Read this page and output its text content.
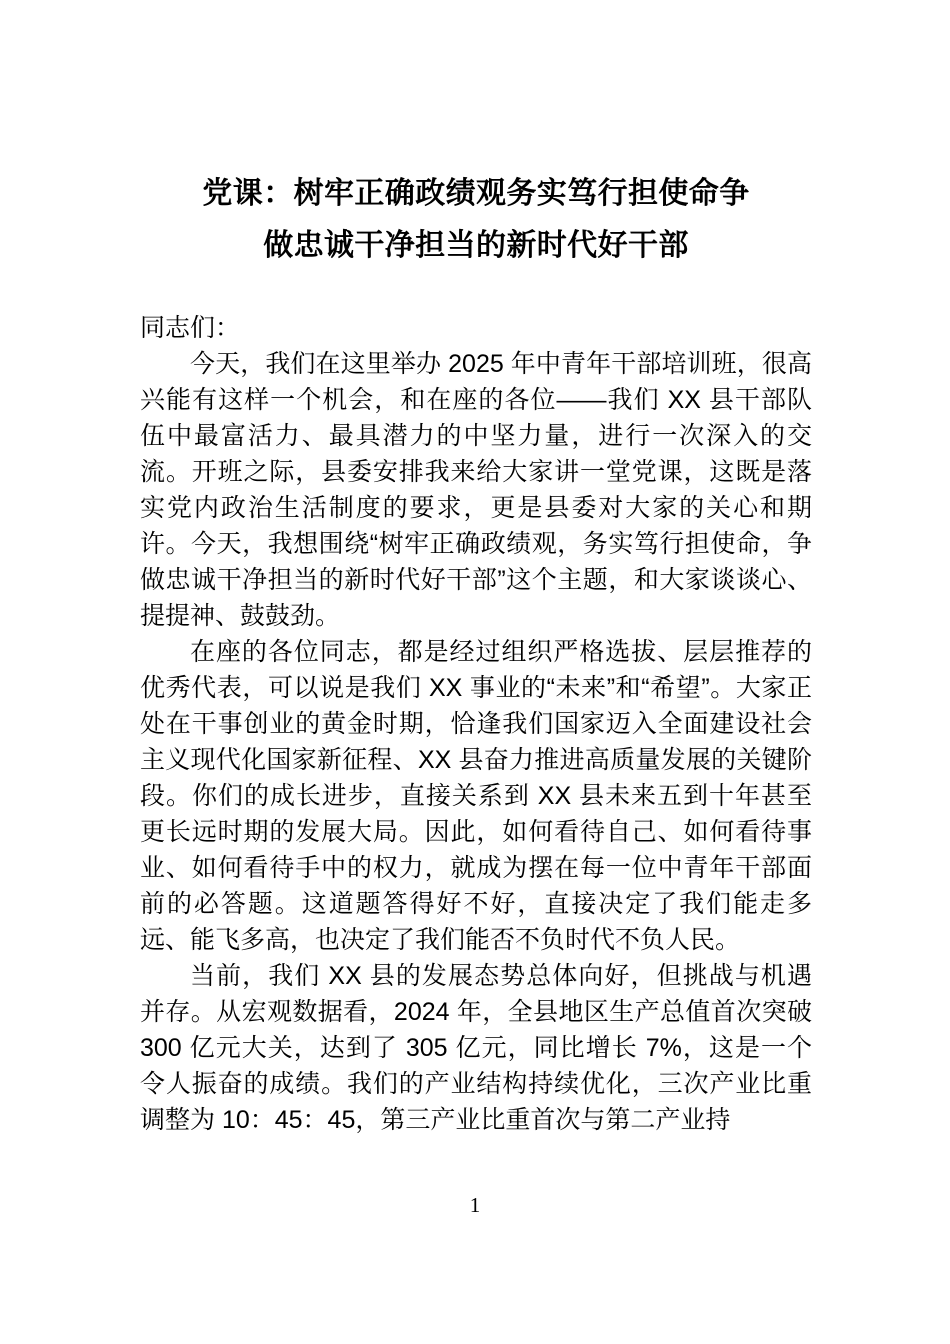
党课：树牢正确政绩观务实笃行担使命争
做忠诚干净担当的新时代好干部

同志们：

今天，我们在这里举办 2025 年中青年干部培训班，很高兴能有这样一个机会，和在座的各位——我们 XX 县干部队伍中最富活力、最具潜力的中坚力量，进行一次深入的交流。开班之际，县委安排我来给大家讲一堂党课，这既是落实党内政治生活制度的要求，更是县委对大家的关心和期许。今天，我想围绕“树牢正确政绩观，务实笃行担使命，争做忠诚干净担当的新时代好干部”这个主题，和大家谈谈心、提提神、鼓鼓劲。

在座的各位同志，都是经过组织严格选拔、层层推荐的优秀代表，可以说是我们 XX 事业的“未来”和“希望”。大家正处在干事创业的黄金时期，恰逢我们国家迈入全面建设社会主义现代化国家新征程、XX 县奋力推进高质量发展的关键阶段。你们的成长进步，直接关系到 XX 县未来五到十年甚至更长远时期的发展大局。因此，如何看待自己、如何看待事业、如何看待手中的权力，就成为摆在每一位中青年干部面前的必答题。这道题答得好不好，直接决定了我们能走多远、能飞多高，也决定了我们能否不负时代不负人民。

当前，我们 XX 县的发展态势总体向好，但挑战与机遇并存。从宏观数据看，2024 年，全县地区生产总值首次突破 300 亿元大关，达到了 305 亿元，同比增长 7%，这是一个令人振奋的成绩。我们的产业结构持续优化，三次产业比重调整为 10：45：45，第三产业比重首次与第二产业持

1
